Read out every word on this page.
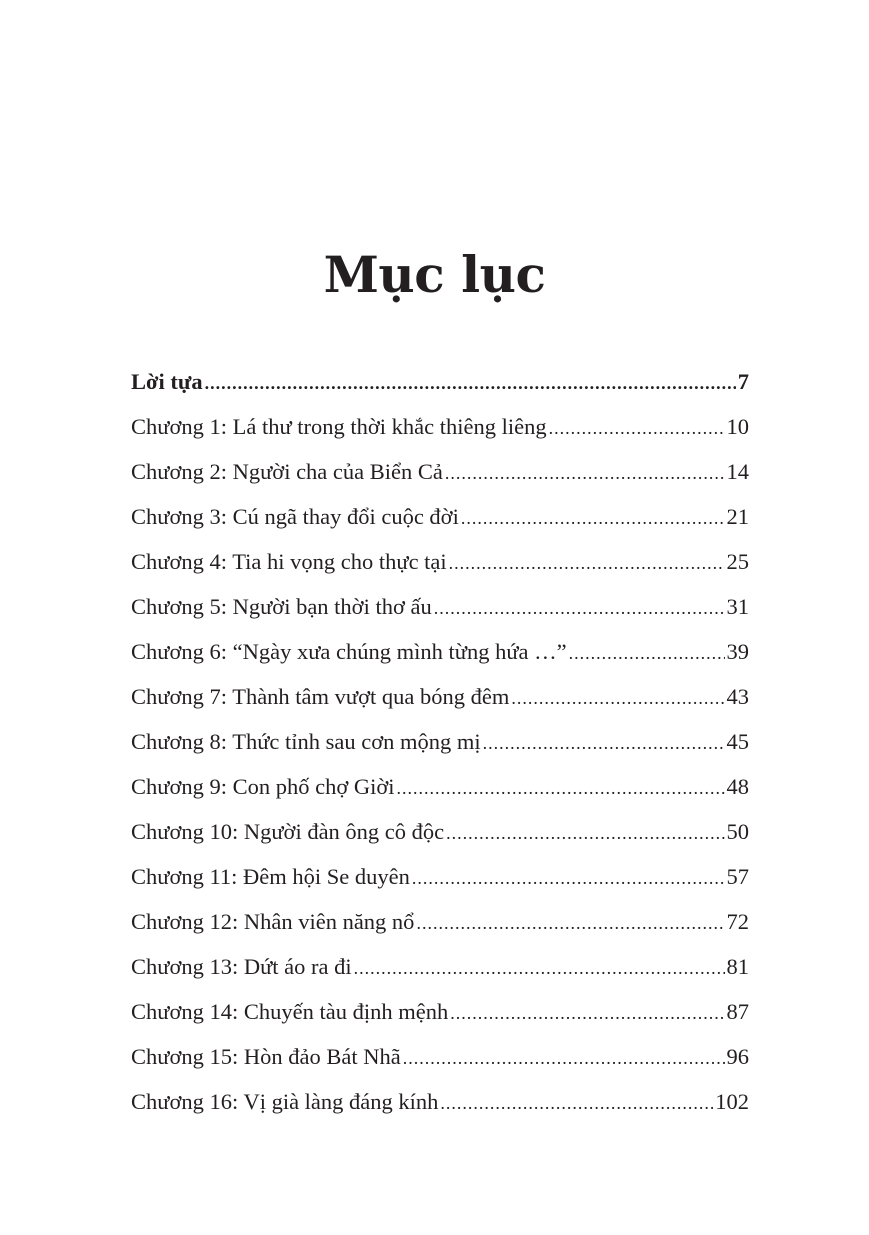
Mục lục
Lời tựa .....	7
Chương 1: Lá thư trong thời khắc thiêng liêng .....	10
Chương 2: Người cha của Biển Cả .....	14
Chương 3: Cú ngã thay đổi cuộc đời .....	21
Chương 4: Tia hi vọng cho thực tại .....	25
Chương 5: Người bạn thời thơ ấu .....	31
Chương 6: “Ngày xưa chúng mình từng hứa …” .....	39
Chương 7: Thành tâm vượt qua bóng đêm .....	43
Chương 8: Thức tỉnh sau cơn mộng mị .....	45
Chương 9: Con phố chợ Giời .....	48
Chương 10: Người đàn ông cô độc .....	50
Chương 11: Đêm hội Se duyên .....	57
Chương 12: Nhân viên năng nổ .....	72
Chương 13: Dứt áo ra đi .....	81
Chương 14: Chuyến tàu định mệnh .....	87
Chương 15: Hòn đảo Bát Nhã .....	96
Chương 16: Vị già làng đáng kính .....	102
